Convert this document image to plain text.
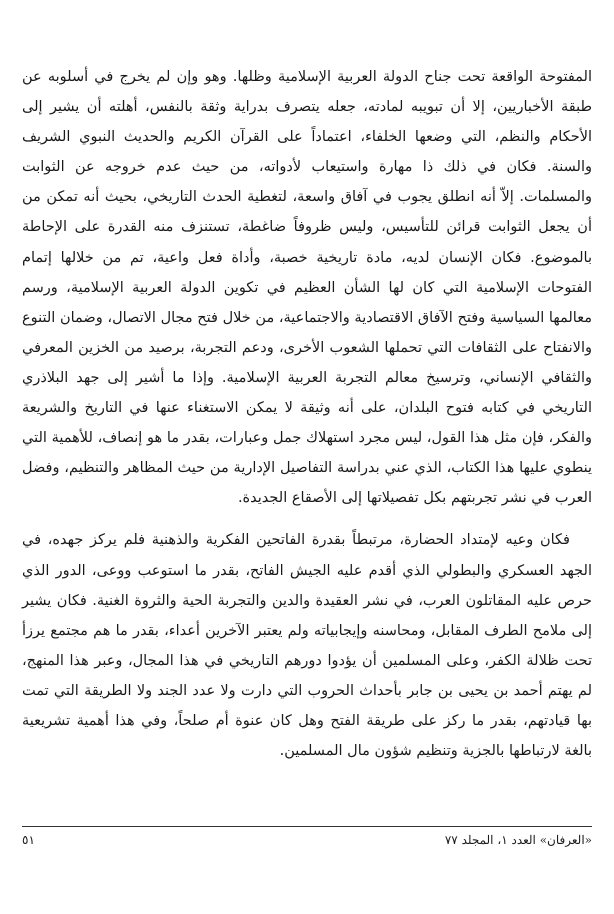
المفتوحة الواقعة تحت جناح الدولة العربية الإسلامية وظلها. وهو وإن لم يخرج في أسلوبه عن طبقة الأخباريين، إلا أن تبويبه لمادته، جعله يتصرف بدراية وثقة بالنفس، أهلته أن يشير إلى الأحكام والنظم، التي وضعها الخلفاء، اعتماداً على القرآن الكريم والحديث النبوي الشريف والسنة. فكان في ذلك ذا مهارة واستيعاب لأدواته، من حيث عدم خروجه عن الثوابت والمسلمات. إلاّ أنه انطلق يجوب في آفاق واسعة، لتغطية الحدث التاريخي، بحيث أنه تمكن من أن يجعل الثوابت قرائن للتأسيس، وليس ظروفاً ضاغطة، تستنزف منه القدرة على الإحاطة بالموضوع. فكان الإنسان لديه، مادة تاريخية خصبة، وأداة فعل واعية، تم من خلالها إتمام الفتوحات الإسلامية التي كان لها الشأن العظيم في تكوين الدولة العربية الإسلامية، ورسم معالمها السياسية وفتح الآفاق الاقتصادية والاجتماعية، من خلال فتح مجال الاتصال، وضمان التنوع والانفتاح على الثقافات التي تحملها الشعوب الأخرى، ودعم التجربة، برصيد من الخزين المعرفي والثقافي الإنساني، وترسيخ معالم التجربة العربية الإسلامية. وإذا ما أشير إلى جهد البلاذري التاريخي في كتابه فتوح البلدان، على أنه وثيقة لا يمكن الاستغناء عنها في التاريخ والشريعة والفكر، فإن مثل هذا القول، ليس مجرد استهلاك جمل وعبارات، بقدر ما هو إنصاف، للأهمية التي ينطوي عليها هذا الكتاب، الذي عني بدراسة التفاصيل الإدارية من حيث المظاهر والتنظيم، وفضل العرب في نشر تجربتهم بكل تفصيلاتها إلى الأصقاع الجديدة.

فكان وعيه لإمتداد الحضارة، مرتبطاً بقدرة الفاتحين الفكرية والذهنية فلم يركز جهده، في الجهد العسكري والبطولي الذي أقدم عليه الجيش الفاتح، بقدر ما استوعب ووعى، الدور الذي حرص عليه المقاتلون العرب، في نشر العقيدة والدين والتجربة الحية والثروة الغنية. فكان يشير إلى ملامح الطرف المقابل، ومحاسنه وإيجابياته ولم يعتبر الآخرين أعداء، بقدر ما هم مجتمع يرزأ تحت ظلالة الكفر، وعلى المسلمين أن يؤدوا دورهم التاريخي في هذا المجال، وعبر هذا المنهج، لم يهتم أحمد بن يحيى بن جابر بأحداث الحروب التي دارت ولا عدد الجند ولا الطريقة التي تمت بها قيادتهم، بقدر ما ركز على طريقة الفتح وهل كان عنوة أم صلحاً، وفي هذا أهمية تشريعية بالغة لارتباطها بالجزية وتنظيم شؤون مال المسلمين.

«العرفان» العدد ١، المجلد ٧٧
٥١
